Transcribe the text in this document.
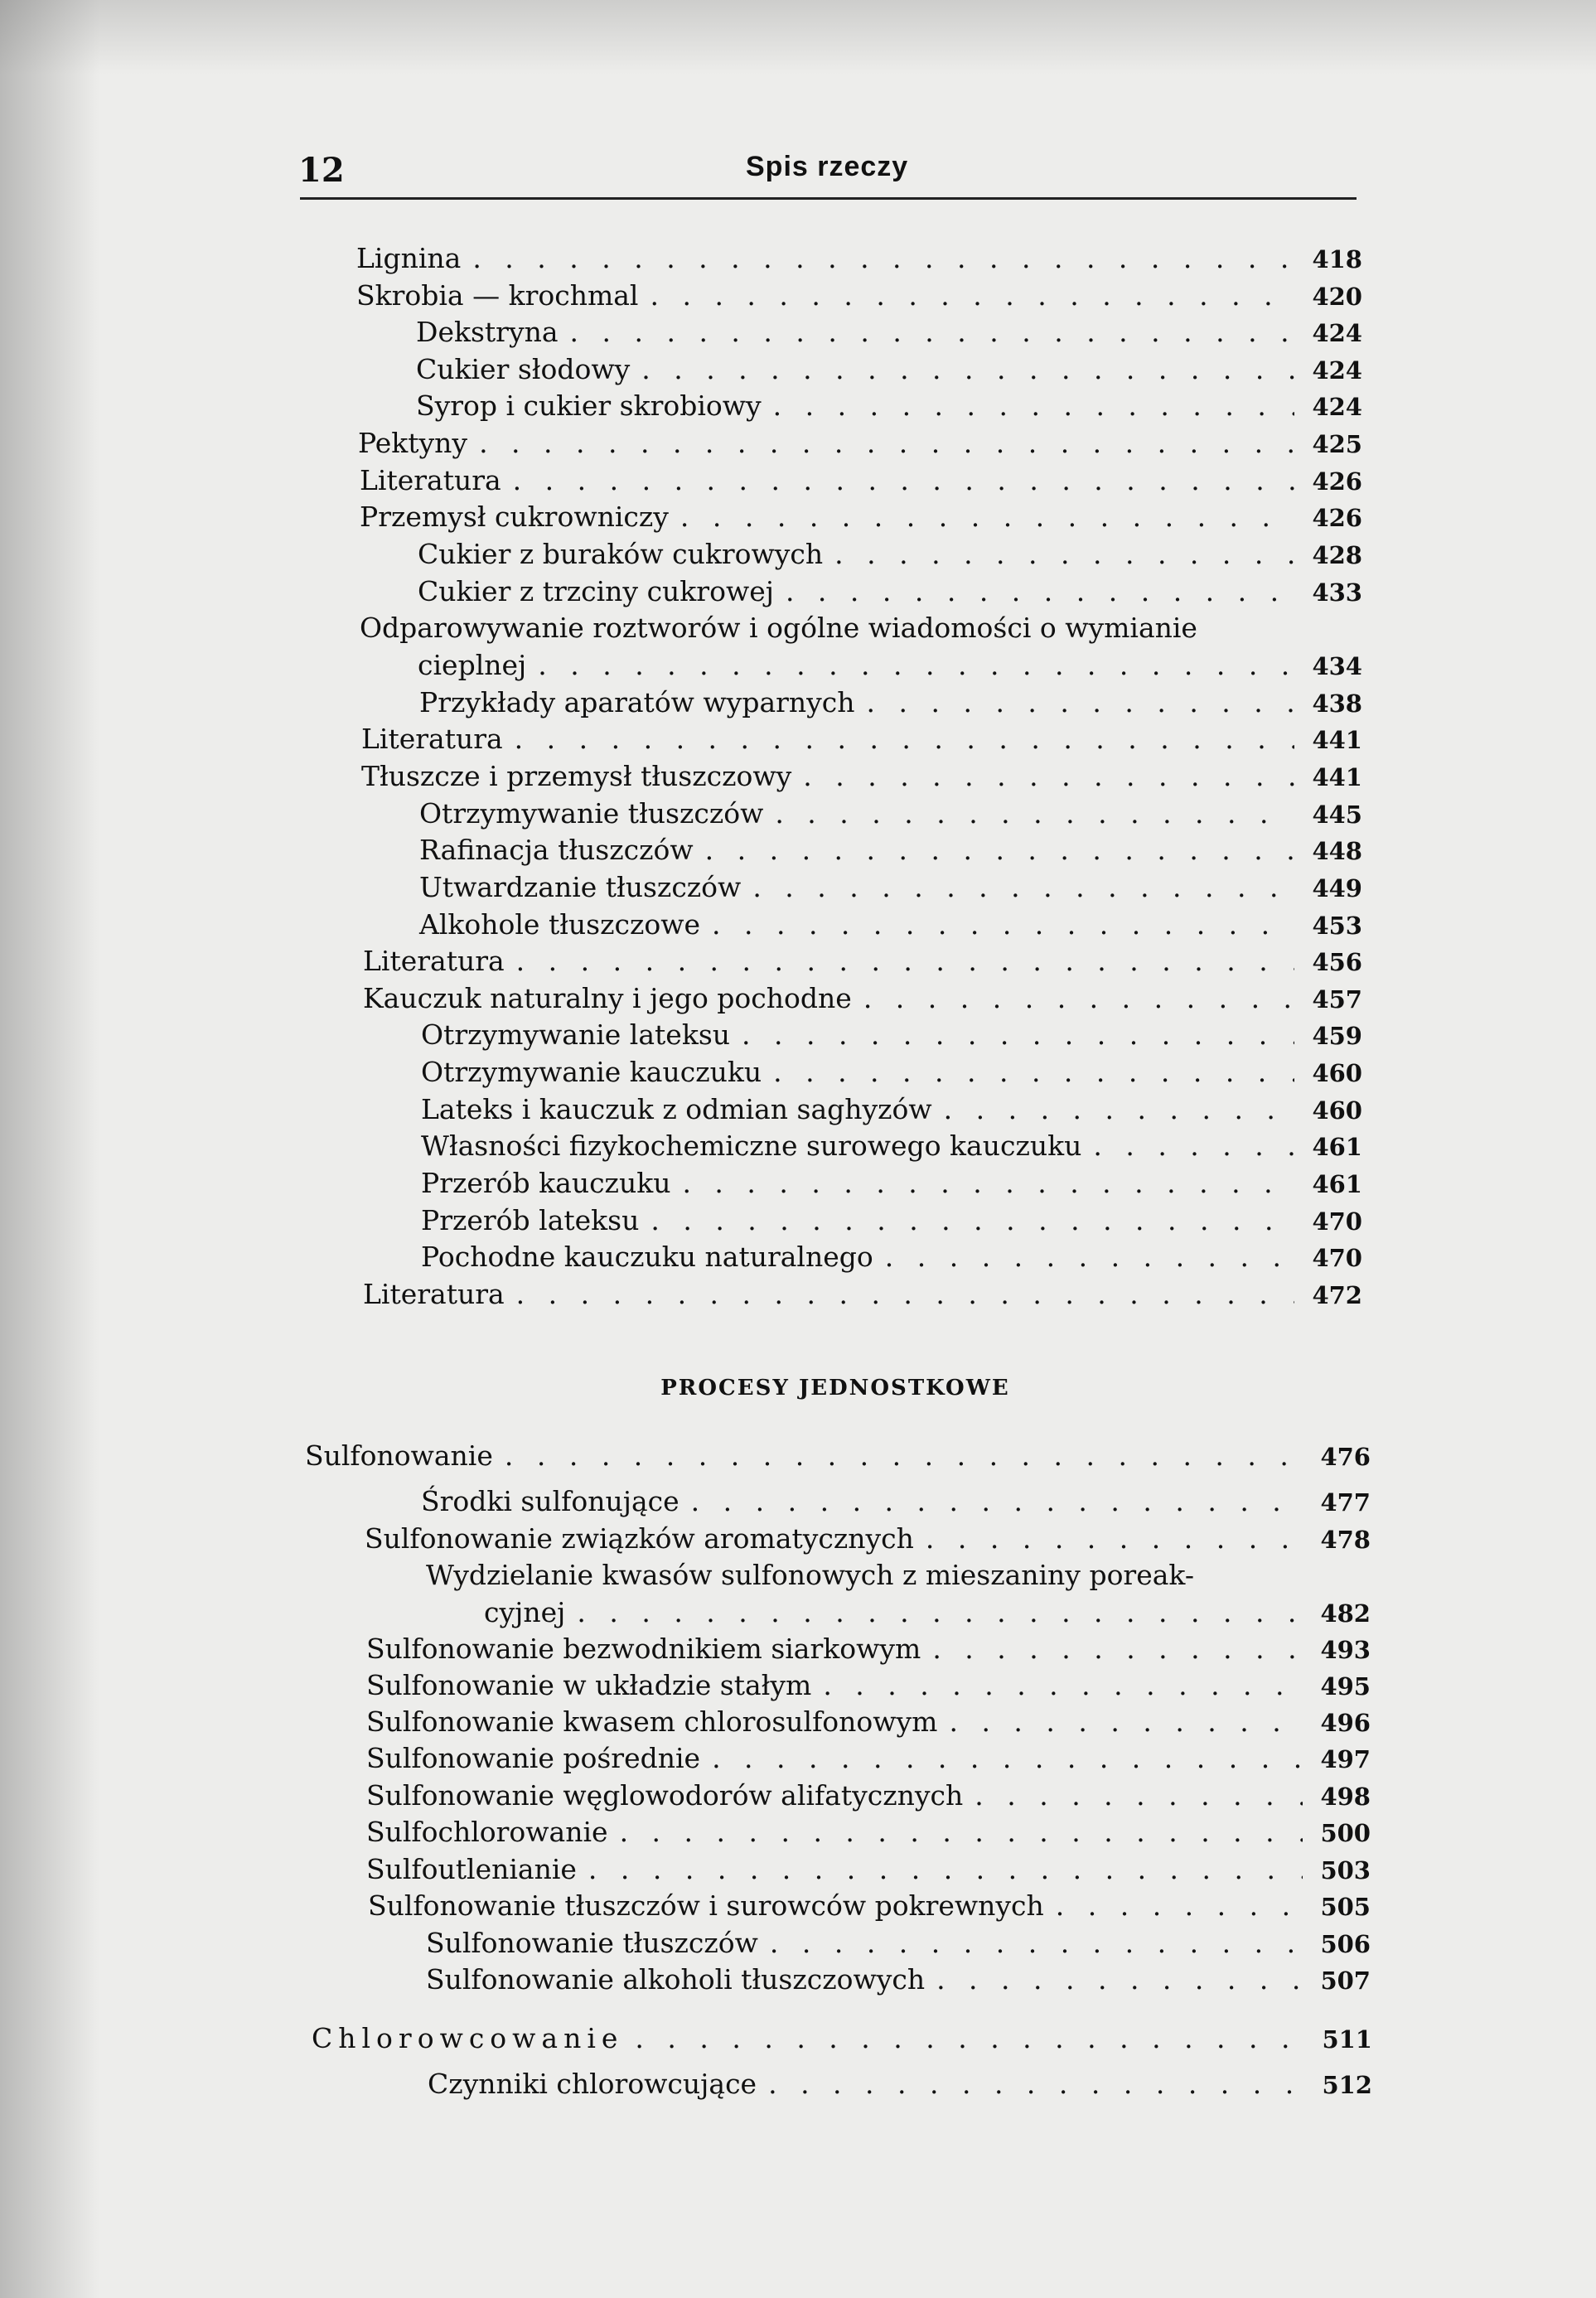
12	Spis rzeczy
Lignina . . .	418
Skrobia — krochmal . . .	420
Dekstryna . . .	424
Cukier słodowy . . .	424
Syrop i cukier skrobiowy . . .	424
Pektyny . . .	425
Literatura . . .	426
Przemysł cukrowniczy . . .	426
Cukier z buraków cukrowych . . .	428
Cukier z trzciny cukrowej . . .	433
Odparowywanie roztworów i ogólne wiadomości o wymianie
cieplnej . . .	434
Przykłady aparatów wyparnych . . .	438
Literatura . . .	441
Tłuszcze i przemysł tłuszczowy . . .	441
Otrzymywanie tłuszczów . . .	445
Rafinacja tłuszczów . . .	448
Utwardzanie tłuszczów . . .	449
Alkohole tłuszczowe . . .	453
Literatura . . .	456
Kauczuk naturalny i jego pochodne . . .	457
Otrzymywanie lateksu . . .	459
Otrzymywanie kauczuku . . .	460
Lateks i kauczuk z odmian saghyzów . . .	460
Własności fizykochemiczne surowego kauczuku . . .	461
Przerób kauczuku . . .	461
Przerób lateksu . . .	470
Pochodne kauczuku naturalnego . . .	470
Literatura . . .	472
PROCESY JEDNOSTKOWE
Sulfonowanie . . .	476
Środki sulfonujące . . .	477
Sulfonowanie związków aromatycznych . . .	478
Wydzielanie kwasów sulfonowych z mieszaniny poreak-
cyjnej . . .	482
Sulfonowanie bezwodnikiem siarkowym . . .	493
Sulfonowanie w układzie stałym . . .	495
Sulfonowanie kwasem chlorosulfonowym . . .	496
Sulfonowanie pośrednie . . .	497
Sulfonowanie węglowodorów alifatycznych . . .	498
Sulfochlorowanie . . .	500
Sulfoutlenianie . . .	503
Sulfonowanie tłuszczów i surowców pokrewnych . . .	505
Sulfonowanie tłuszczów . . .	506
Sulfonowanie alkoholi tłuszczowych . . .	507
Chlorowcowanie . . .	511
Czynniki chlorowcujące . . .	512
